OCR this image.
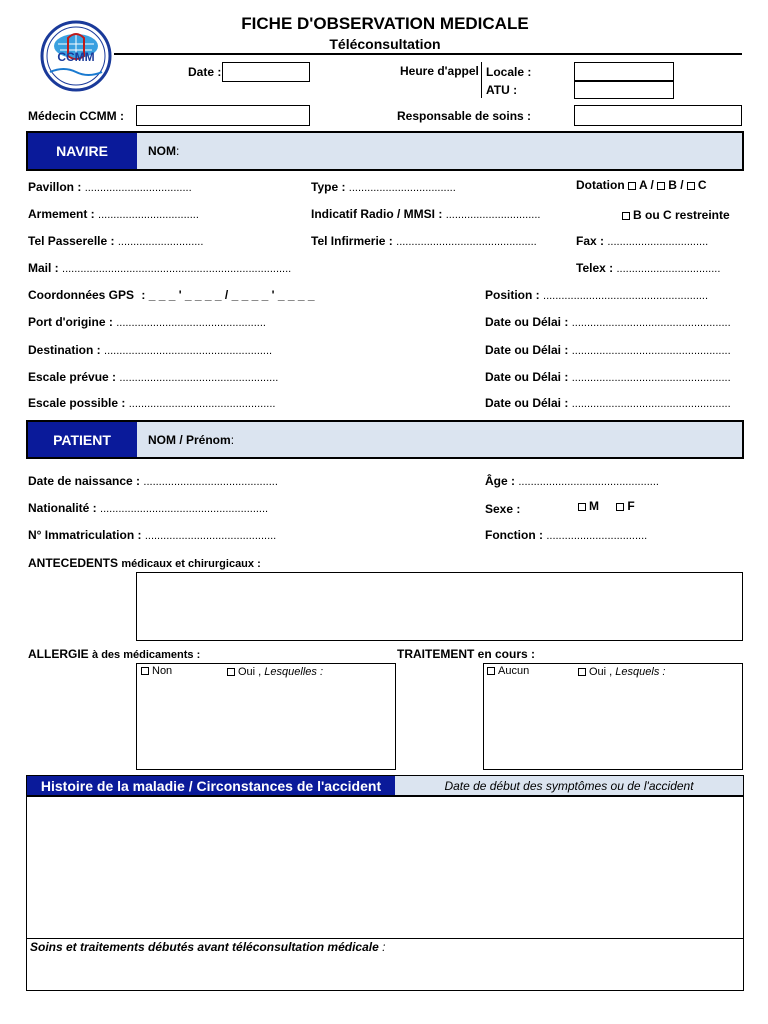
CCMM
FICHE D'OBSERVATION MEDICALE
Téléconsultation
Date :	Heure d'appel Locale :
ATU :
Médecin CCMM :	Responsable de soins :
NAVIRE	NOM :
Pavillon : ...................................	Type : ...................................	Dotation A / B / C
Armement : .................................	Indicatif Radio / MMSI : ...............................	B ou C restreinte
Tel Passerelle : ............................	Tel Infirmerie : ..............................................	Fax : .................................
Mail : ...........................................................................	Telex : ..................................
Coordonnées GPS : _ _ _ ' _ _ _ _ / _ _ _ _ ' _ _ _ _	Position : ......................................................
Port d'origine : .................................................	Date ou Délai : ....................................................
Destination : .......................................................	Date ou Délai : ....................................................
Escale prévue : ....................................................	Date ou Délai : ....................................................
Escale possible : ................................................	Date ou Délai : ....................................................
PATIENT	NOM / Prénom :
Date de naissance : ............................................	Âge : ..............................................
Nationalité : .......................................................	Sexe :	M F
N° Immatriculation : ...........................................	Fonction : .................................
ANTECEDENTS médicaux et chirurgicaux :
ALLERGIE à des médicaments :
Non	Oui , Lesquelles :
TRAITEMENT en cours :
Aucun	Oui , Lesquels :
Histoire de la maladie / Circonstances de l'accident	Date de début des symptômes ou de l'accident
Soins et traitements débutés avant téléconsultation médicale :
